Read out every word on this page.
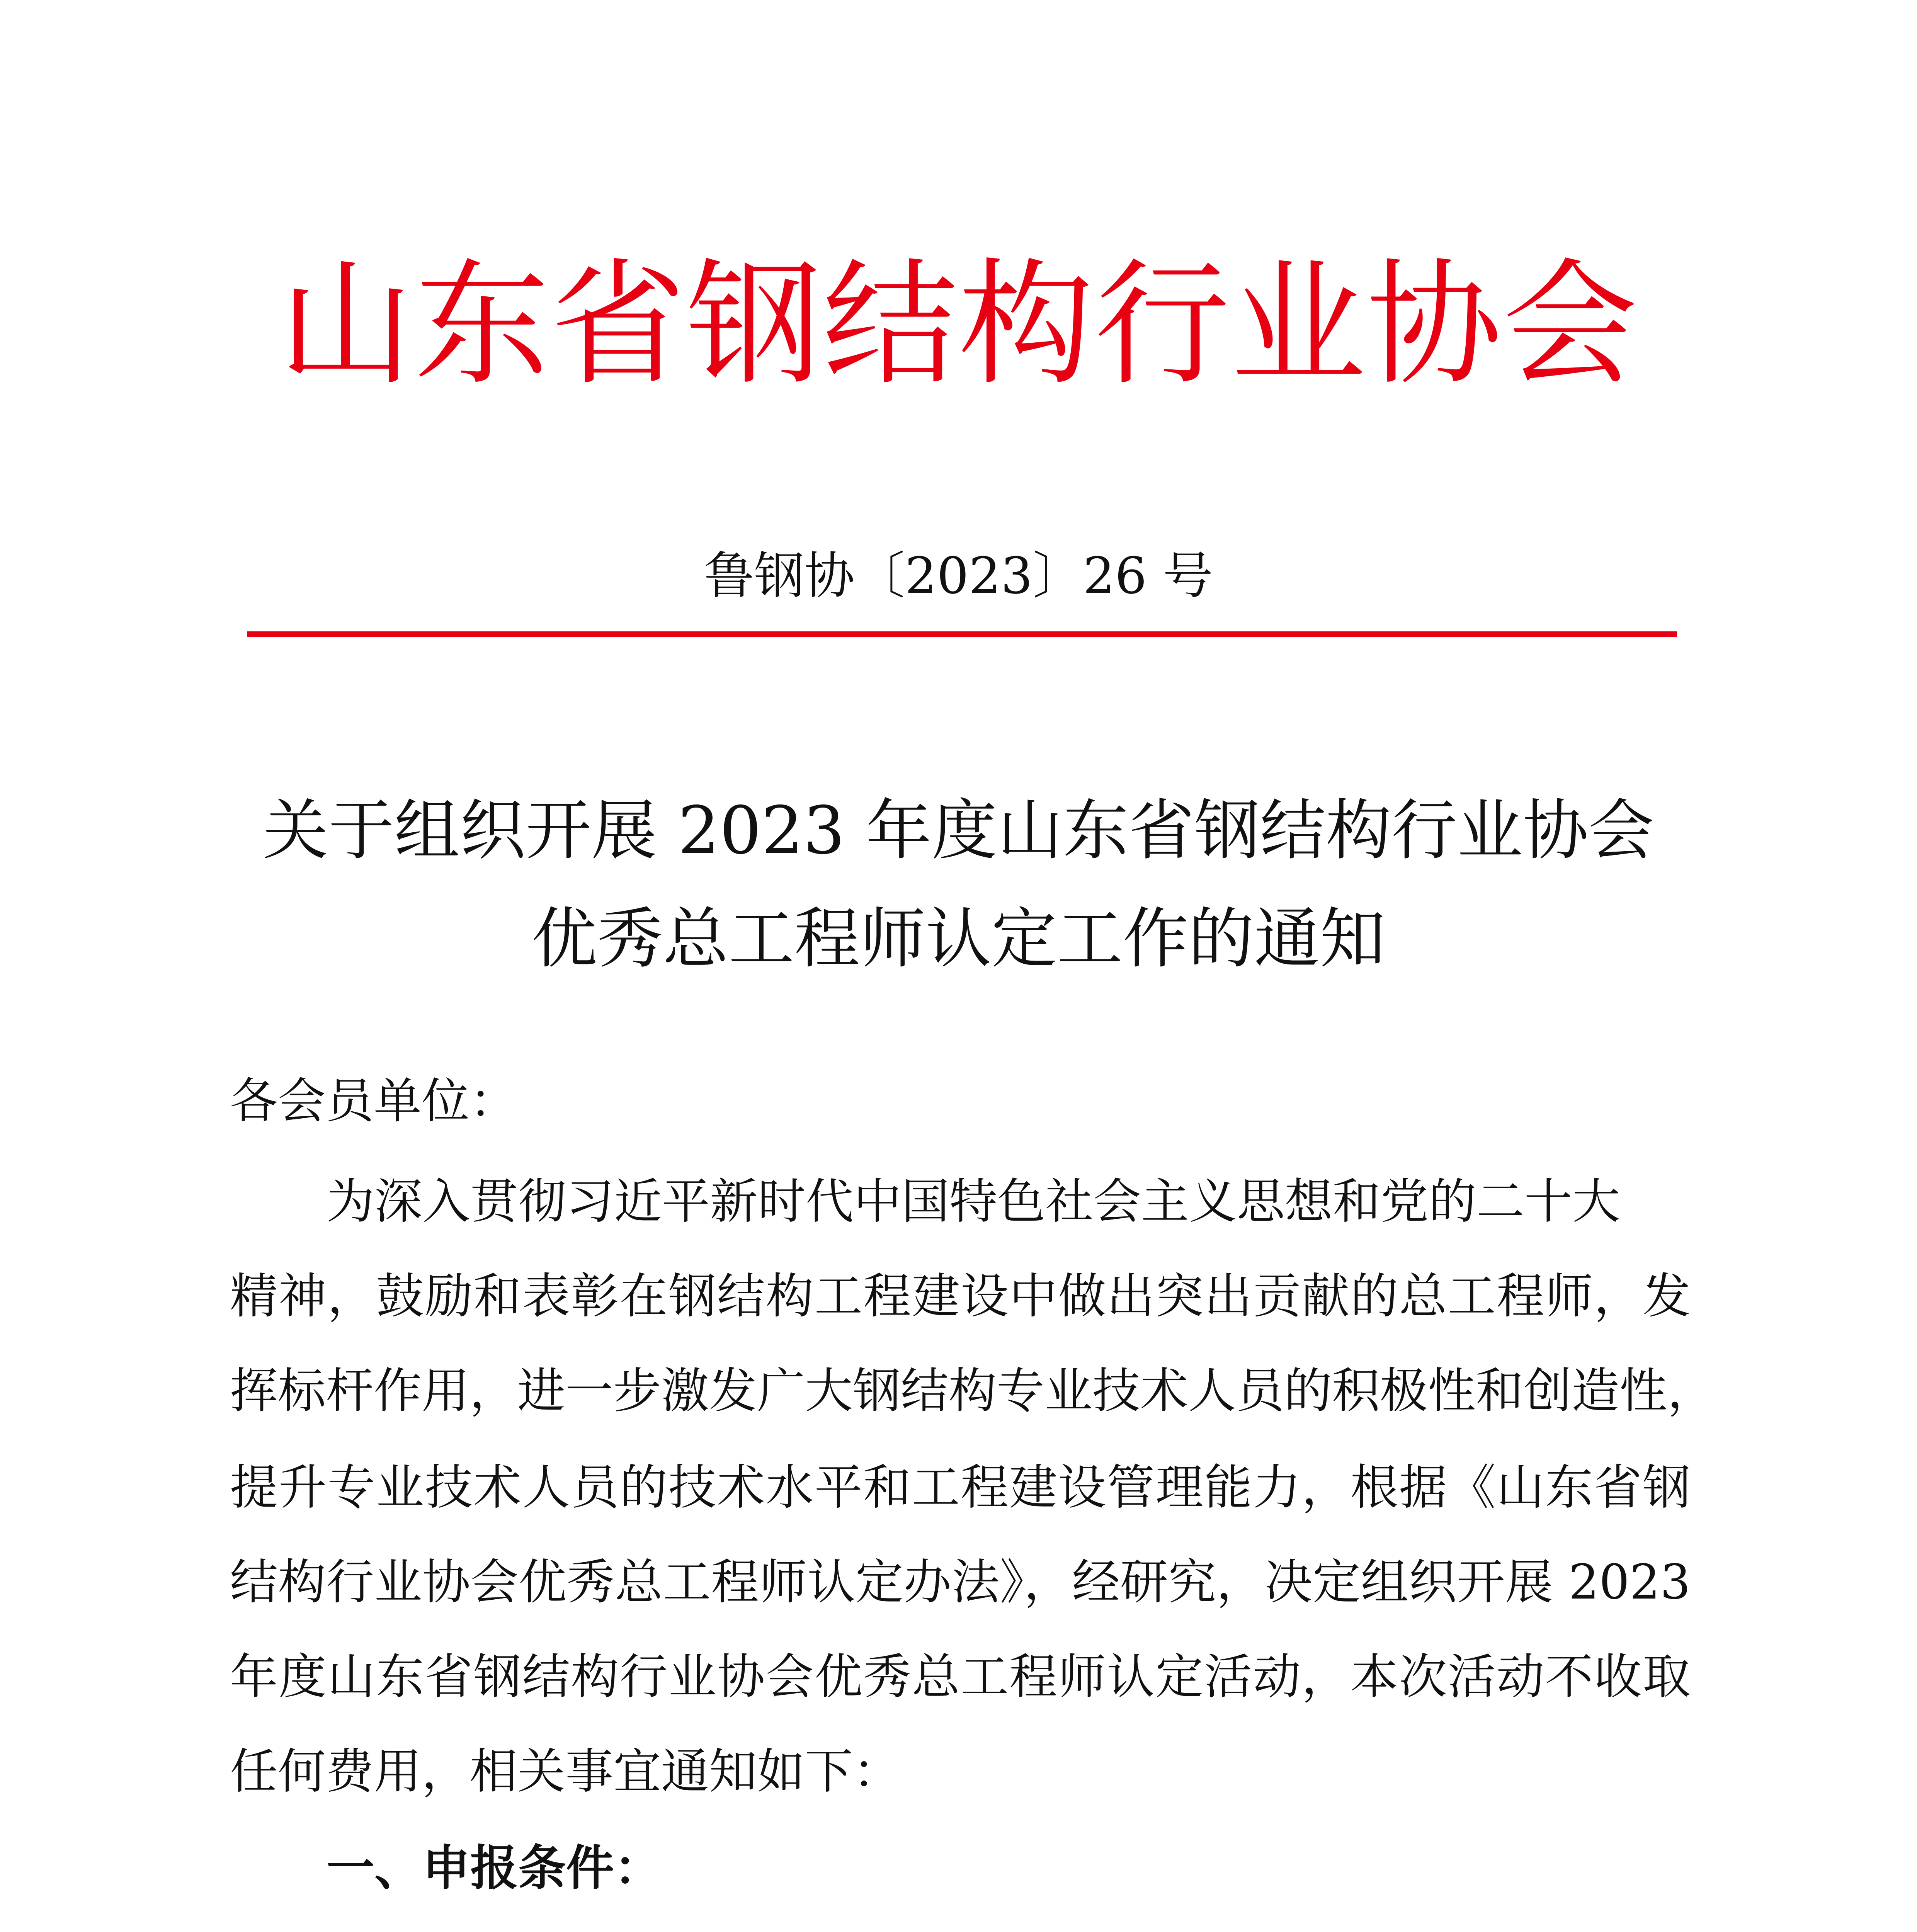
山东省钢结构行业协会
鲁钢协〔2023〕26 号
关于组织开展 2023 年度山东省钢结构行业协会
优秀总工程师认定工作的通知
各会员单位：
为深入贯彻习近平新时代中国特色社会主义思想和党的二十大
精神，鼓励和表彰在钢结构工程建设中做出突出贡献的总工程师，发
挥标杆作用，进一步激发广大钢结构专业技术人员的积极性和创造性，
提升专业技术人员的技术水平和工程建设管理能力，根据《山东省钢
结构行业协会优秀总工程师认定办法》，经研究，决定组织开展 2023
年度山东省钢结构行业协会优秀总工程师认定活动，本次活动不收取
任何费用，相关事宜通知如下：
一、申报条件：
